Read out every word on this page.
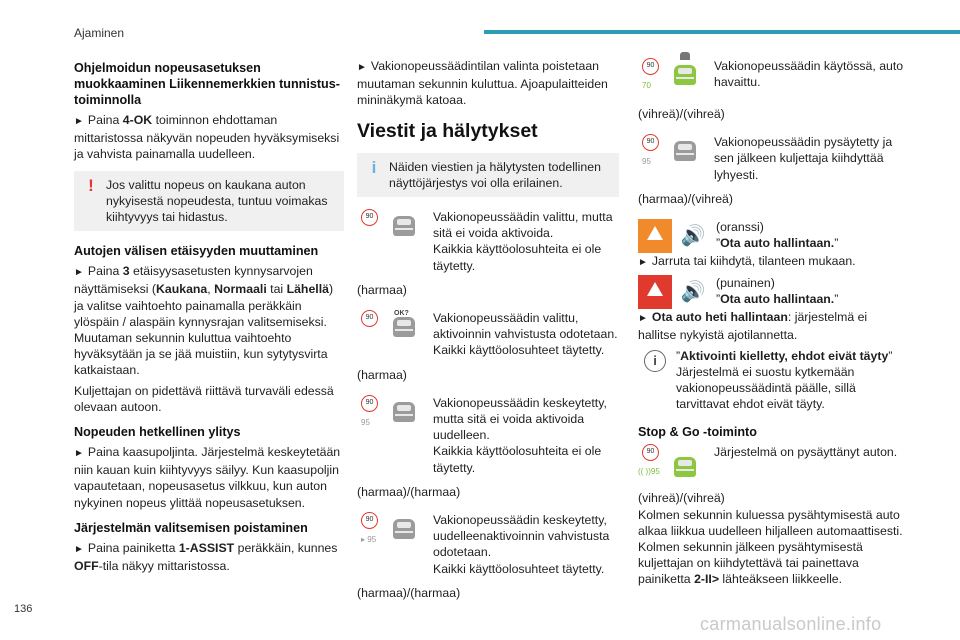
Ajaminen
Ohjelmoidun nopeusasetuksen muokkaaminen Liikennemerkkien tunnistus-toiminnolla
► Paina 4-OK toiminnon ehdottaman mittaristossa näkyvän nopeuden hyväksymiseksi ja vahvista painamalla uudelleen.
! Jos valittu nopeus on kaukana auton nykyisestä nopeudesta, tuntuu voimakas kiihtyvyys tai hidastus.
Autojen välisen etäisyyden muuttaminen
► Paina 3 etäisyysasetusten kynnysarvojen näyttämiseksi (Kaukana, Normaali tai Lähellä) ja valitse vaihtoehto painamalla peräkkäin ylöspäin / alaspäin kynnysrajan valitsemiseksi. Muutaman sekunnin kuluttua vaihtoehto hyväksytään ja se jää muistiin, kun sytytysvirta katkaistaan.
Kuljettajan on pidettävä riittävä turvaväli edessä olevaan autoon.
Nopeuden hetkellinen ylitys
► Paina kaasupoljinta. Järjestelmä keskeytetään niin kauan kuin kiihtyvyys säilyy. Kun kaasupoljin vapautetaan, nopeusasetus vilkkuu, kun auton nykyinen nopeus ylittää nopeusasetuksen.
Järjestelmän valitsemisen poistaminen
► Paina painiketta 1-ASSIST peräkkäin, kunnes OFF-tila näkyy mittaristossa.
► Vakionopeussäädintilan valinta poistetaan muutaman sekunnin kuluttua. Ajoapulaitteiden mininäkymä katoaa.
Viestit ja hälytykset
i	Näiden viestien ja hälytysten todellinen näyttöjärjestys voi olla erilainen.
90	Vakionopeussäädin valittu, mutta sitä ei voida aktivoida.
Kaikkia käyttöolosuhteita ei ole täytetty.
(harmaa)
90
OK? Vakionopeussäädin valittu, aktivoinnin vahvistusta odotetaan.
Kaikki käyttöolosuhteet täytetty.
(harmaa)
90
95
Vakionopeussäädin keskeytetty, mutta sitä ei voida aktivoida uudelleen.
Kaikkia käyttöolosuhteita ei ole täytetty.
(harmaa)/(harmaa)
90
▸ 95
Vakionopeussäädin keskeytetty, uudelleenaktivoinnin vahvistusta odotetaan.
Kaikki käyttöolosuhteet täytetty.
(harmaa)/(harmaa)
90
70
Vakionopeussäädin käytössä, auto havaittu.
(vihreä)/(vihreä)
90
95
Vakionopeussäädin pysäytetty ja sen jälkeen kuljettaja kiihdyttää lyhyesti.
(harmaa)/(vihreä)
🔊 (oranssi)
”Ota auto hallintaan.”
► Jarruta tai kiihdytä, tilanteen mukaan.
🔊 (punainen)
”Ota auto hallintaan.”
► Ota auto heti hallintaan: järjestelmä ei hallitse nykyistä ajotilannetta.
i	”Aktivointi kielletty, ehdot eivät täyty”
Järjestelmä ei suostu kytkemään vakionopeussäädintä päälle, sillä tarvittavat ehdot eivät täyty.
Stop & Go -toiminto
90
(( ))95
Järjestelmä on pysäyttänyt auton.
(vihreä)/(vihreä)
Kolmen sekunnin kuluessa pysähtymisestä auto alkaa liikkua uudelleen hiljalleen automaattisesti. Kolmen sekunnin jälkeen pysähtymisestä kuljettajan on kiihdytettävä tai painettava painiketta 2-II> lähteäkseen liikkeelle.
136
carmanualsonline.info
